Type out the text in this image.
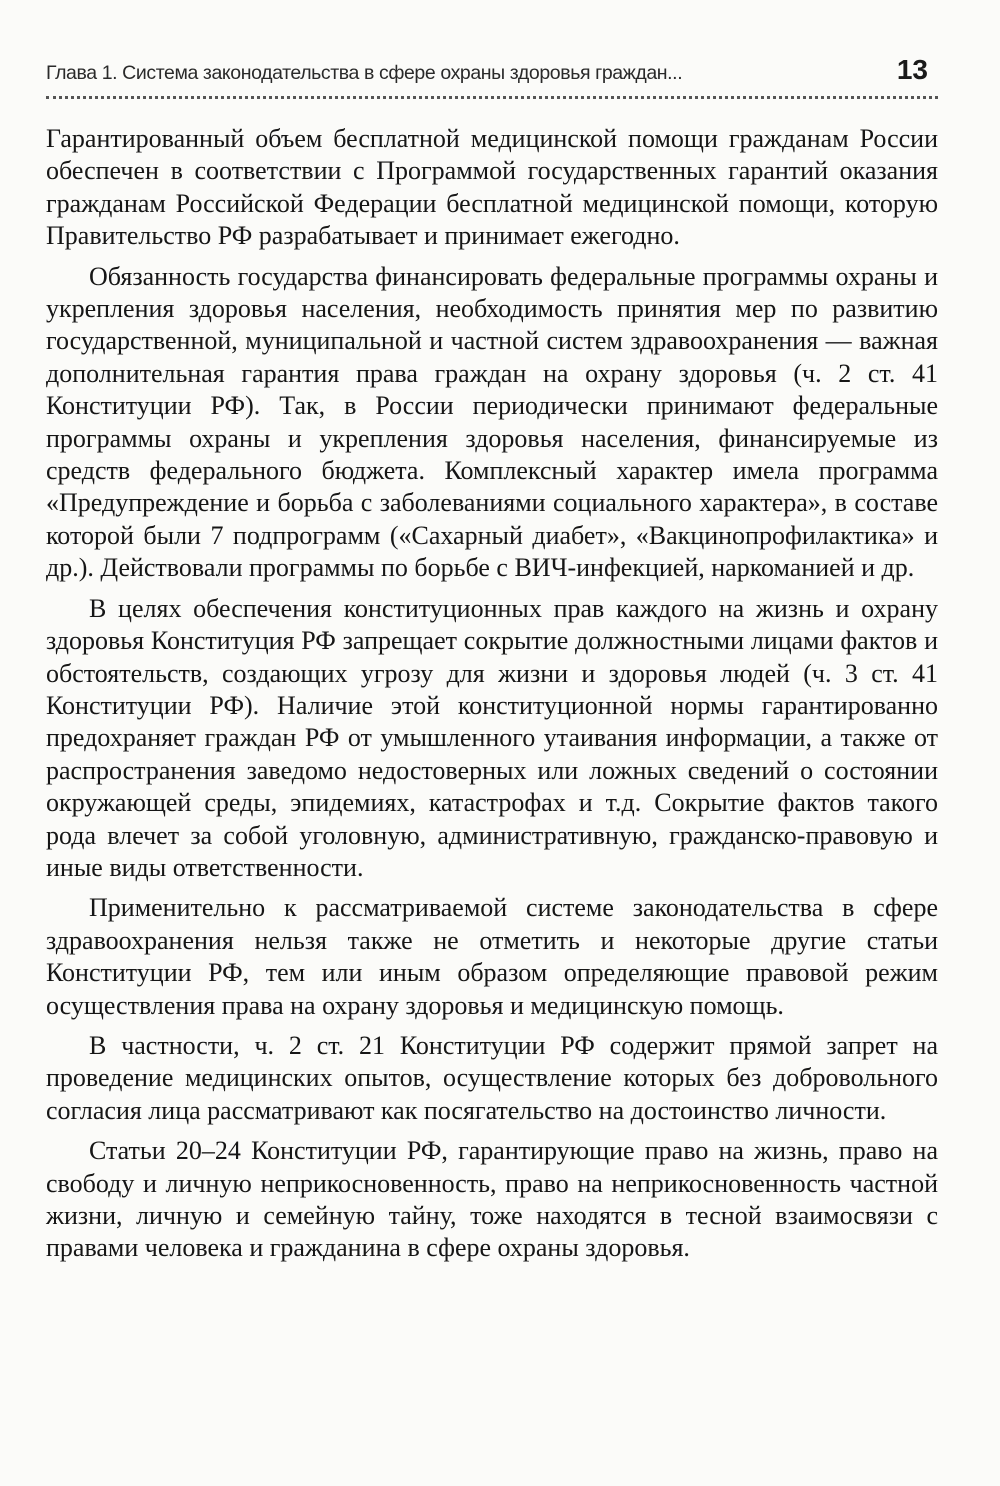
Глава 1. Система законодательства в сфере охраны здоровья граждан...	13

Гарантированный объем бесплатной медицинской помощи гражданам России обеспечен в соответствии с Программой государственных гарантий оказания гражданам Российской Федерации бесплатной медицинской помощи, которую Правительство РФ разрабатывает и принимает ежегодно.

Обязанность государства финансировать федеральные программы охраны и укрепления здоровья населения, необходимость принятия мер по развитию государственной, муниципальной и частной систем здравоохранения — важная дополнительная гарантия права граждан на охрану здоровья (ч. 2 ст. 41 Конституции РФ). Так, в России периодически принимают федеральные программы охраны и укрепления здоровья населения, финансируемые из средств федерального бюджета. Комплексный характер имела программа «Предупреждение и борьба с заболеваниями социального характера», в составе которой были 7 подпрограмм («Сахарный диабет», «Вакцинопрофилактика» и др.). Действовали программы по борьбе с ВИЧ-инфекцией, наркоманией и др.

В целях обеспечения конституционных прав каждого на жизнь и охрану здоровья Конституция РФ запрещает сокрытие должностными лицами фактов и обстоятельств, создающих угрозу для жизни и здоровья людей (ч. 3 ст. 41 Конституции РФ). Наличие этой конституционной нормы гарантированно предохраняет граждан РФ от умышленного утаивания информации, а также от распространения заведомо недостоверных или ложных сведений о состоянии окружающей среды, эпидемиях, катастрофах и т.д. Сокрытие фактов такого рода влечет за собой уголовную, административную, гражданско-правовую и иные виды ответственности.

Применительно к рассматриваемой системе законодательства в сфере здравоохранения нельзя также не отметить и некоторые другие статьи Конституции РФ, тем или иным образом определяющие правовой режим осуществления права на охрану здоровья и медицинскую помощь.

В частности, ч. 2 ст. 21 Конституции РФ содержит прямой запрет на проведение медицинских опытов, осуществление которых без добровольного согласия лица рассматривают как посягательство на достоинство личности.

Статьи 20–24 Конституции РФ, гарантирующие право на жизнь, право на свободу и личную неприкосновенность, право на неприкосновенность частной жизни, личную и семейную тайну, тоже находятся в тесной взаимосвязи с правами человека и гражданина в сфере охраны здоровья.
